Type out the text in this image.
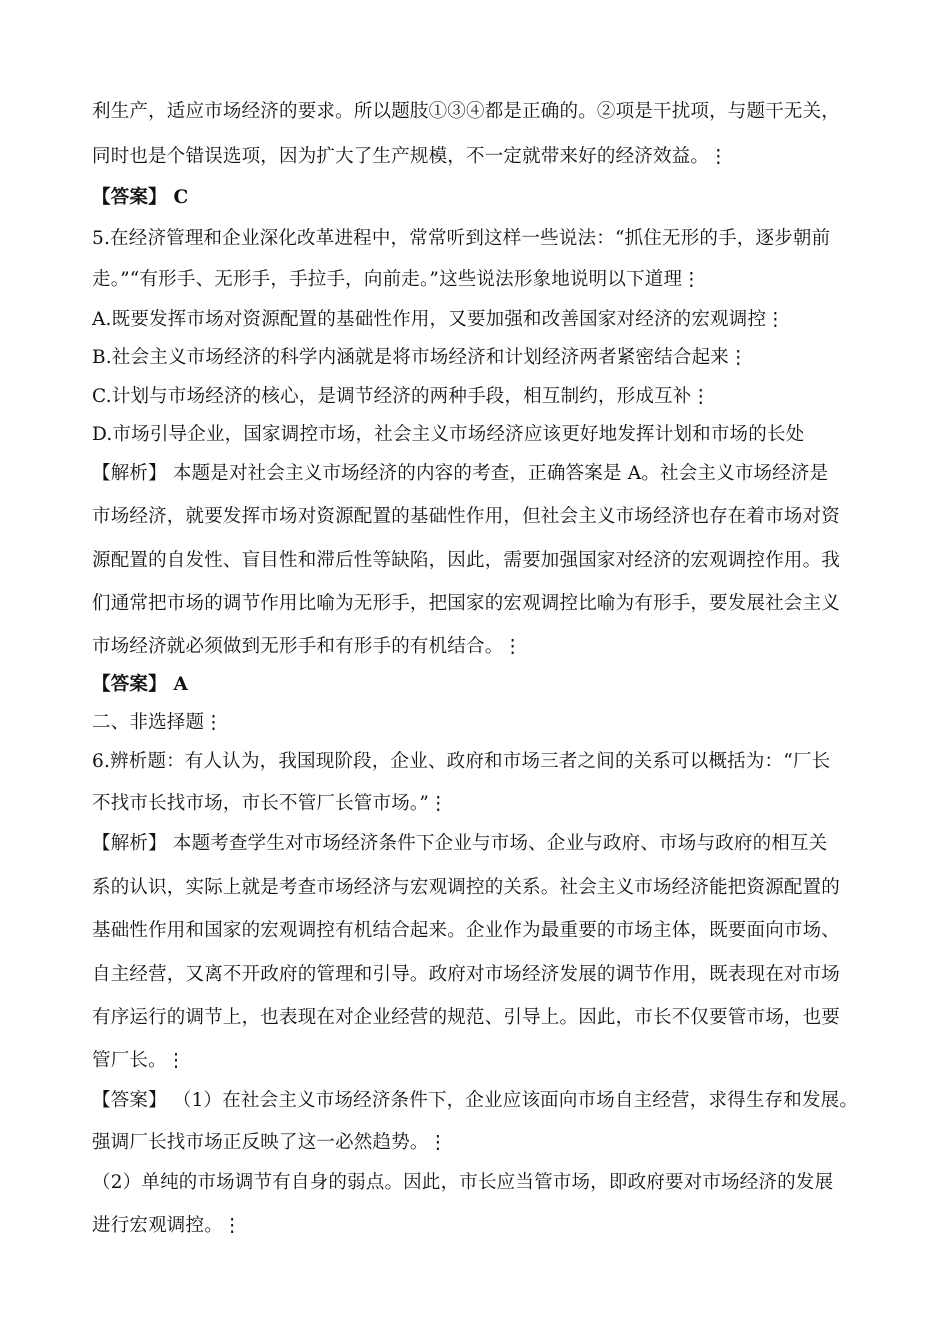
利生产，适应市场经济的要求。所以题肢①③④都是正确的。②项是干扰项，与题干无关，
同时也是个错误选项，因为扩大了生产规模，不一定就带来好的经济效益。⋮
【答案】 C
5.在经济管理和企业深化改革进程中，常常听到这样一些说法：“抓住无形的手，逐步朝前
走。”“有形手、无形手，手拉手，向前走。”这些说法形象地说明以下道理⋮
A.既要发挥市场对资源配置的基础性作用，又要加强和改善国家对经济的宏观调控⋮
B.社会主义市场经济的科学内涵就是将市场经济和计划经济两者紧密结合起来⋮
C.计划与市场经济的核心，是调节经济的两种手段，相互制约，形成互补⋮
D.市场引导企业，国家调控市场，社会主义市场经济应该更好地发挥计划和市场的长处
【解析】 本题是对社会主义市场经济的内容的考查，正确答案是 A。社会主义市场经济是
市场经济，就要发挥市场对资源配置的基础性作用，但社会主义市场经济也存在着市场对资
源配置的自发性、盲目性和滞后性等缺陷，因此，需要加强国家对经济的宏观调控作用。我
们通常把市场的调节作用比喻为无形手，把国家的宏观调控比喻为有形手，要发展社会主义
市场经济就必须做到无形手和有形手的有机结合。⋮
【答案】 A
二、非选择题⋮
6.辨析题：有人认为，我国现阶段，企业、政府和市场三者之间的关系可以概括为：“厂长
不找市长找市场，市长不管厂长管市场。”⋮
【解析】 本题考查学生对市场经济条件下企业与市场、企业与政府、市场与政府的相互关
系的认识，实际上就是考查市场经济与宏观调控的关系。社会主义市场经济能把资源配置的
基础性作用和国家的宏观调控有机结合起来。企业作为最重要的市场主体，既要面向市场、
自主经营，又离不开政府的管理和引导。政府对市场经济发展的调节作用，既表现在对市场
有序运行的调节上，也表现在对企业经营的规范、引导上。因此，市长不仅要管市场，也要
管厂长。⋮
【答案】 （1）在社会主义市场经济条件下，企业应该面向市场自主经营，求得生存和发展。
强调厂长找市场正反映了这一必然趋势。⋮
（2）单纯的市场调节有自身的弱点。因此，市长应当管市场，即政府要对市场经济的发展
进行宏观调控。⋮
